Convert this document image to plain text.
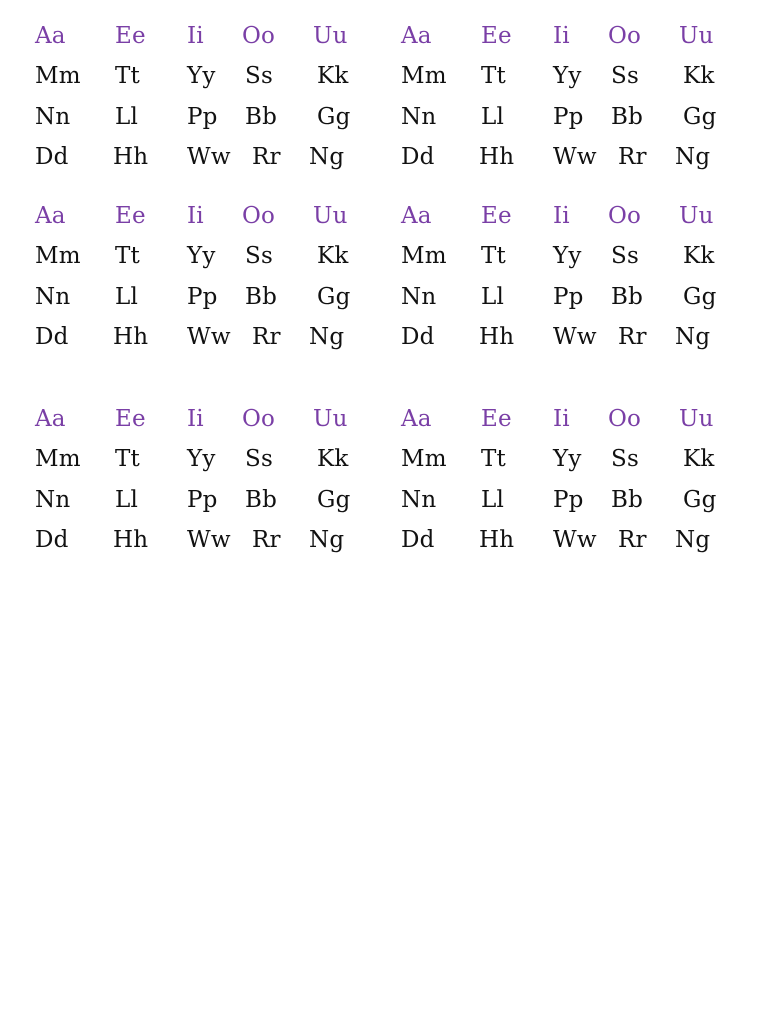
Aa Ee Ii Oo Uu
Mm Tt Yy Ss Kk
Nn Ll Pp Bb Gg
Dd Hh Ww Rr Ng
Aa Ee Ii Oo Uu
Mm Tt Yy Ss Kk
Nn Ll Pp Bb Gg
Dd Hh Ww Rr Ng
Aa Ee Ii Oo Uu
Mm Tt Yy Ss Kk
Nn Ll Pp Bb Gg
Dd Hh Ww Rr Ng
Aa Ee Ii Oo Uu
Mm Tt Yy Ss Kk
Nn Ll Pp Bb Gg
Dd Hh Ww Rr Ng
Aa Ee Ii Oo Uu
Mm Tt Yy Ss Kk
Nn Ll Pp Bb Gg
Dd Hh Ww Rr Ng
Aa Ee Ii Oo Uu
Mm Tt Yy Ss Kk
Nn Ll Pp Bb Gg
Dd Hh Ww Rr Ng
